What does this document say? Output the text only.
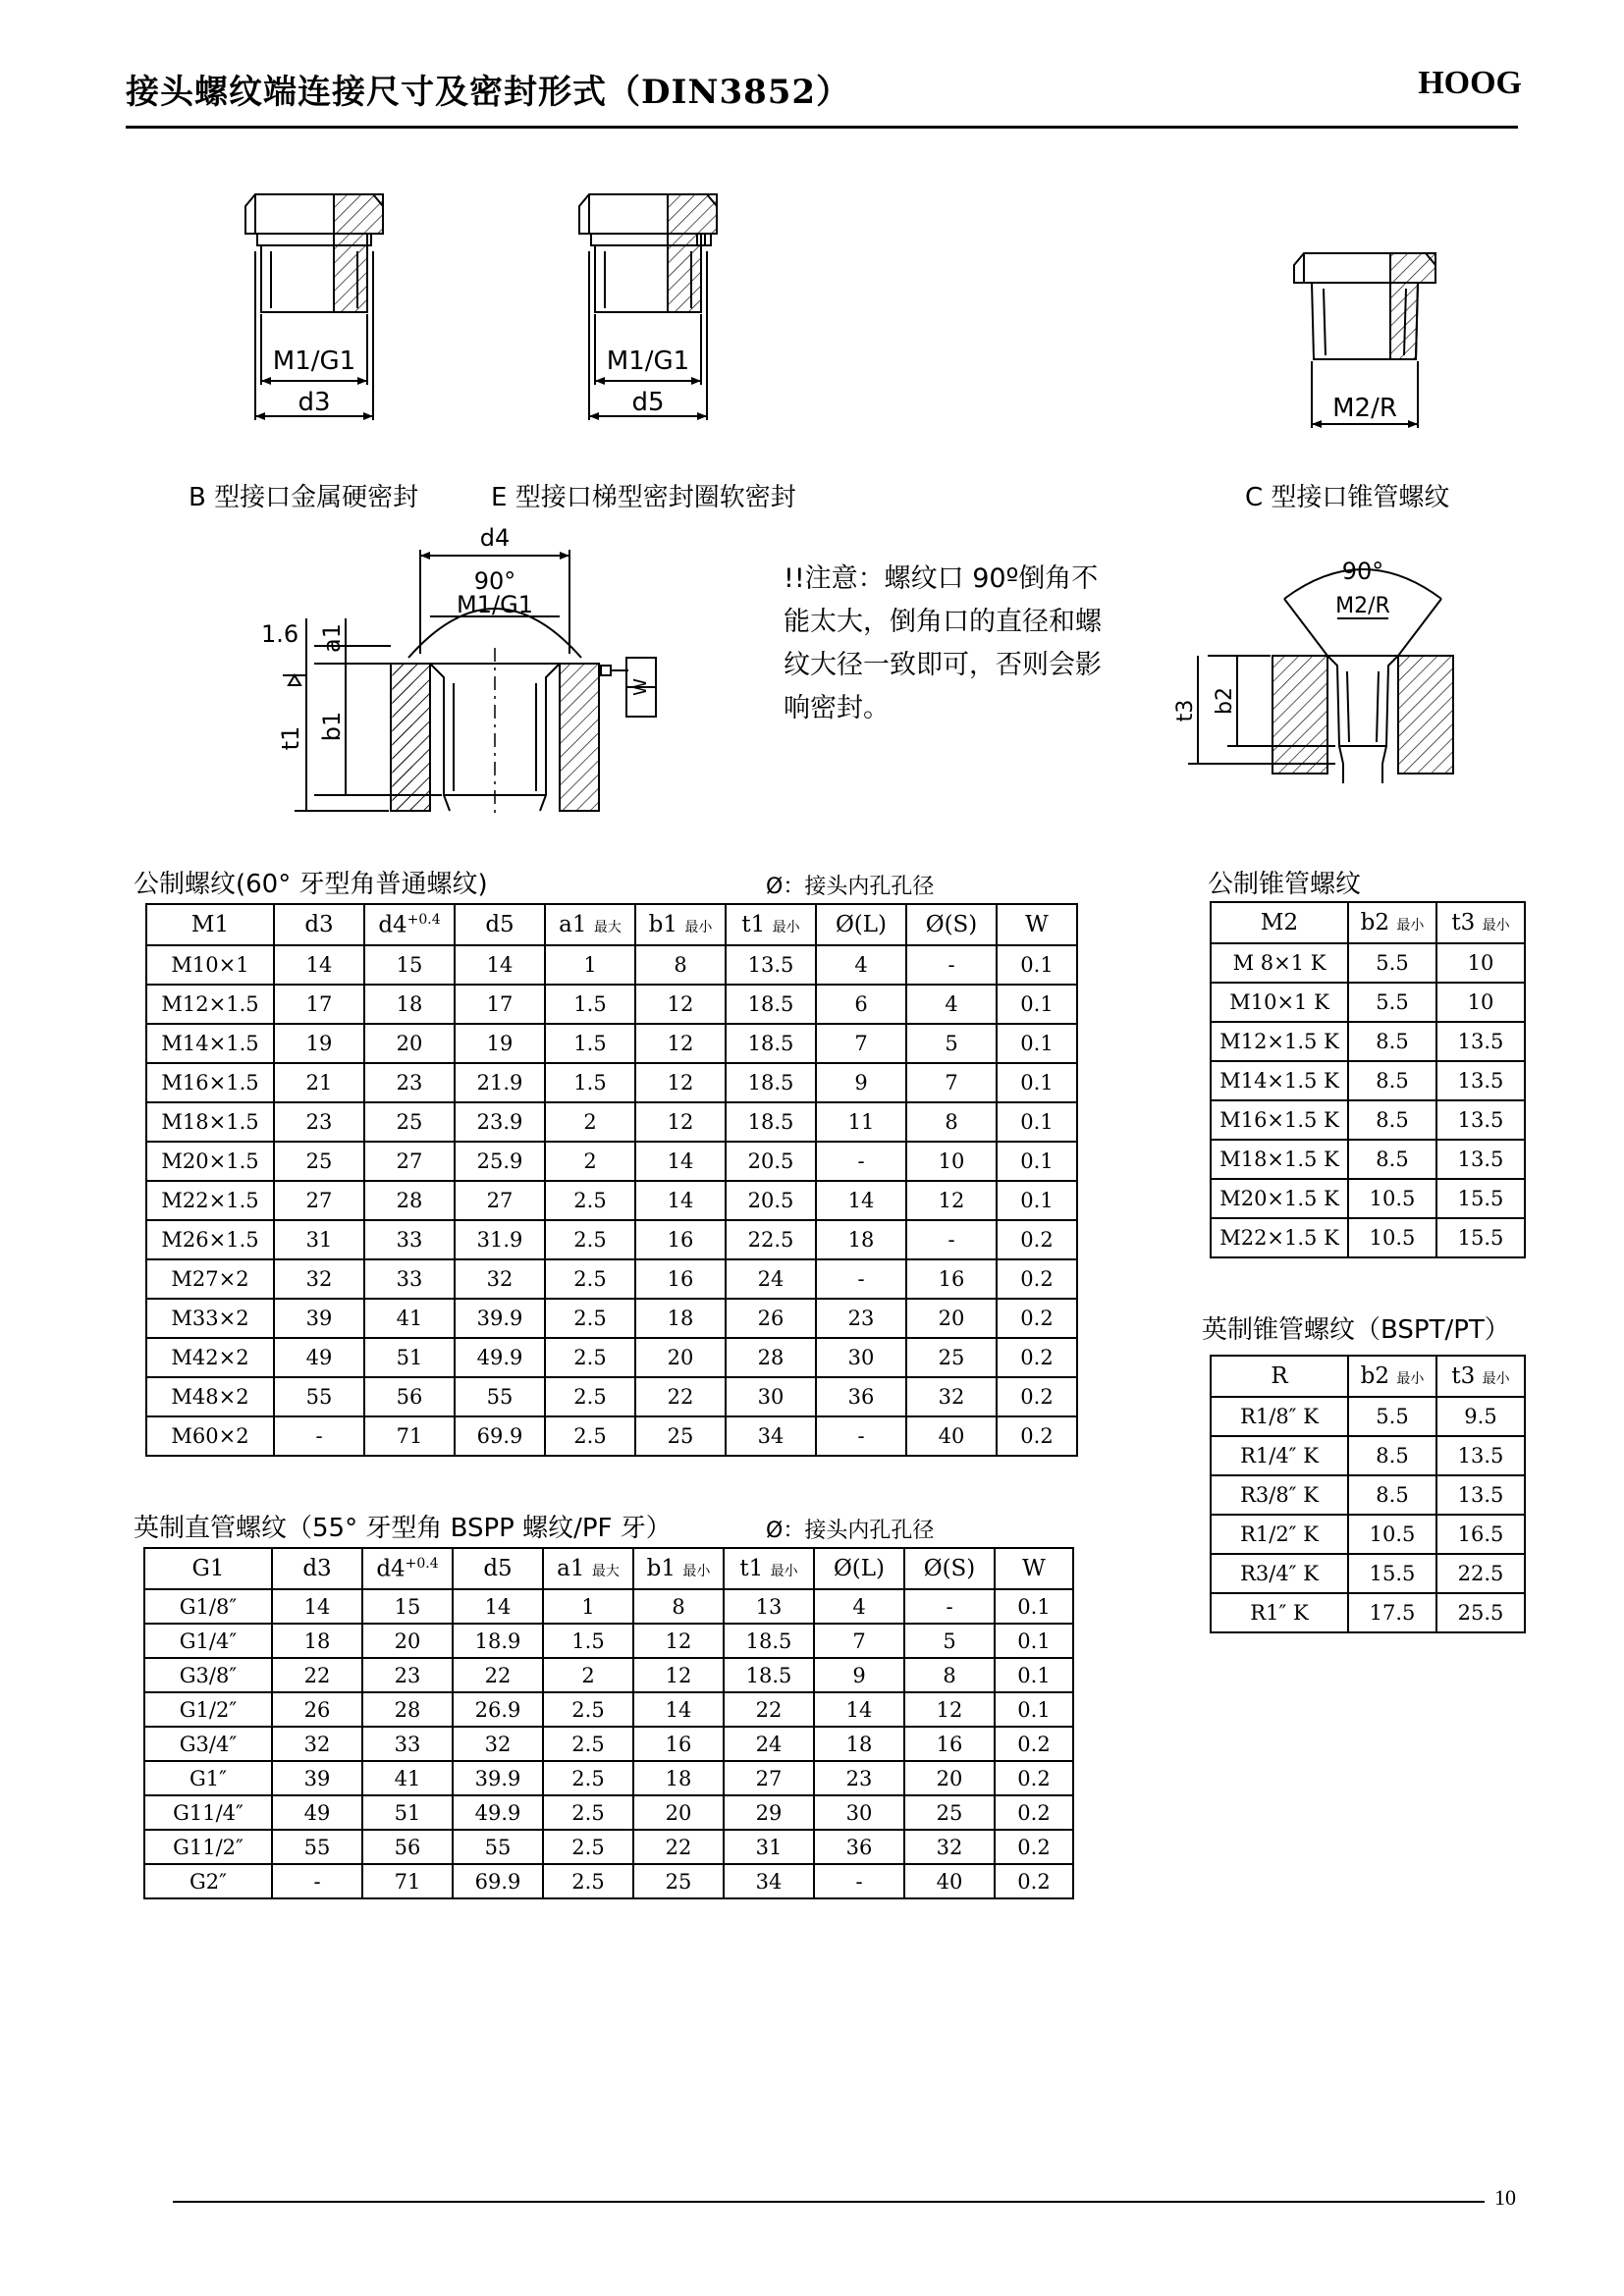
接头螺纹端连接尺寸及密封形式（DIN3852）	HOOG
M1/G1
d3
M1/G1
d5	M2/R
B 型接口金属硬密封	E 型接口梯型密封圈软密封	C 型接口锥管螺纹
d4
90°
M1/G1
1.6 a1
b1
t1
W
!!注意：螺纹口 90º倒角不能太大，倒角口的直径和螺纹大径一致即可，否则会影响密封。
90°
M2/R
b2
t3
公制螺纹(60° 牙型角普通螺纹)	Ø：接头内孔孔径	公制锥管螺纹
M1	d3	$d4^{+0.4}$	d5	a1 最大	b1 最小	t1 最小	Ø(L)	Ø(S)	W
M10×1	14	15	14	1	8	13.5	4	-	0.1
M12×1.5	17	18	17	1.5	12	18.5	6	4	0.1
M14×1.5	19	20	19	1.5	12	18.5	7	5	0.1
M16×1.5	21	23	21.9	1.5	12	18.5	9	7	0.1
M18×1.5	23	25	23.9	2	12	18.5	11	8	0.1
M20×1.5	25	27	25.9	2	14	20.5	-	10	0.1
M22×1.5	27	28	27	2.5	14	20.5	14	12	0.1
M26×1.5	31	33	31.9	2.5	16	22.5	18	-	0.2
M27×2	32	33	32	2.5	16	24	-	16	0.2
M33×2	39	41	39.9	2.5	18	26	23	20	0.2
M42×2	49	51	49.9	2.5	20	28	30	25	0.2
M48×2	55	56	55	2.5	22	30	36	32	0.2
M60×2	-	71	69.9	2.5	25	34	-	40	0.2
M2	b2 最小	t3 最小
M 8×1 K	5.5	10
M10×1 K	5.5	10
M12×1.5 K	8.5	13.5
M14×1.5 K	8.5	13.5
M16×1.5 K	8.5	13.5
M18×1.5 K	8.5	13.5
M20×1.5 K	10.5	15.5
M22×1.5 K	10.5	15.5
英制锥管螺纹（BSPT/PT）
R	b2 最小	t3 最小
R1/8″ K	5.5	9.5
R1/4″ K	8.5	13.5
R3/8″ K	8.5	13.5
R1/2″ K	10.5	16.5
R3/4″ K	15.5	22.5
R1″ K	17.5	25.5
英制直管螺纹（55° 牙型角 BSPP 螺纹/PF 牙）	Ø：接头内孔孔径
G1	d3	$d4^{+0.4}$	d5	a1 最大	b1 最小	t1 最小	Ø(L)	Ø(S)	W
G1/8″	14	15	14	1	8	13	4	-	0.1
G1/4″	18	20	18.9	1.5	12	18.5	7	5	0.1
G3/8″	22	23	22	2	12	18.5	9	8	0.1
G1/2″	26	28	26.9	2.5	14	22	14	12	0.1
G3/4″	32	33	32	2.5	16	24	18	16	0.2
G1″	39	41	39.9	2.5	18	27	23	20	0.2
G11/4″	49	51	49.9	2.5	20	29	30	25	0.2
G11/2″	55	56	55	2.5	22	31	36	32	0.2
G2″	-	71	69.9	2.5	25	34	-	40	0.2
10
